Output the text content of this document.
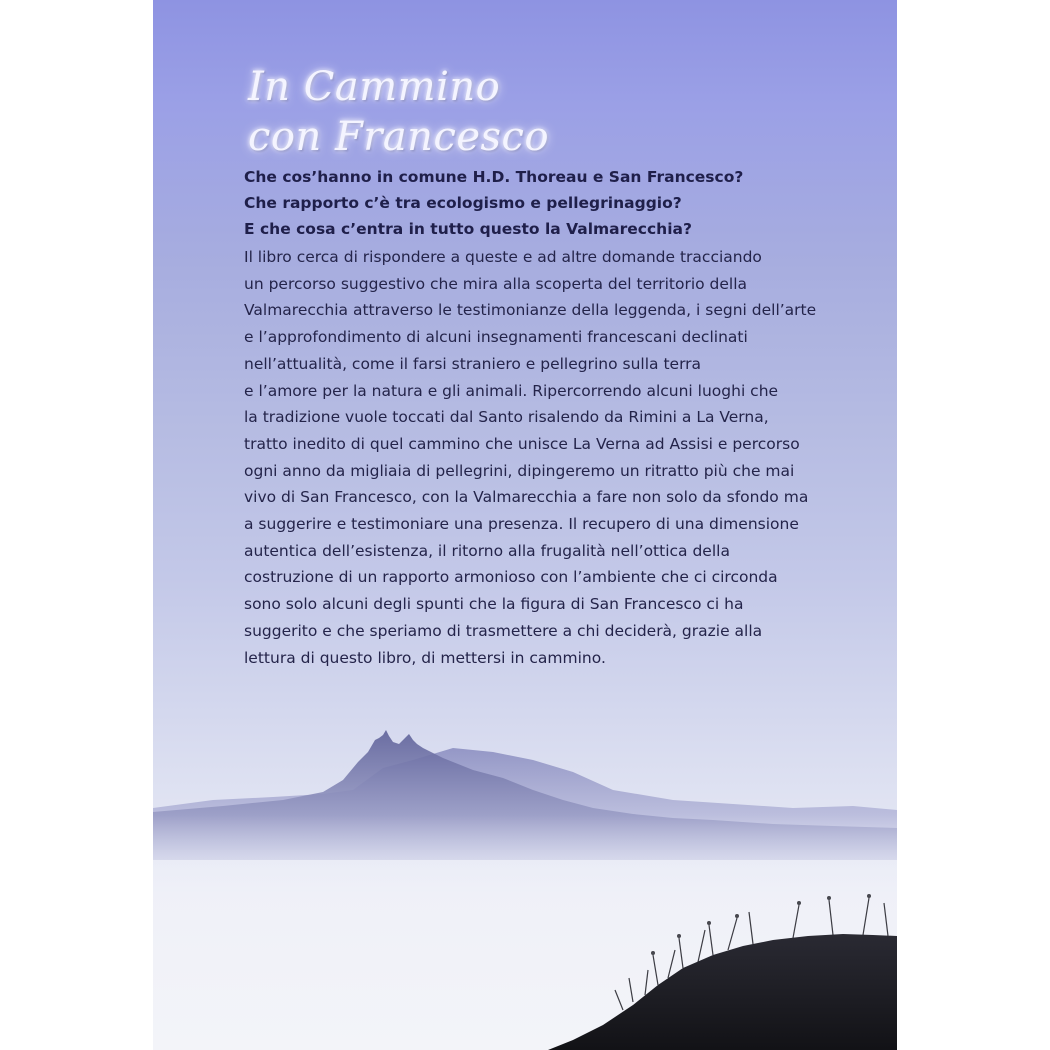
In Cammino
con Francesco
Che cos’hanno in comune H.D. Thoreau e San Francesco?
Che rapporto c’è tra ecologismo e pellegrinaggio?
E che cosa c’entra in tutto questo la Valmarecchia?
Il libro cerca di rispondere a queste e ad altre domande tracciando
un percorso suggestivo che mira alla scoperta del territorio della
Valmarecchia attraverso le testimonianze della leggenda, i segni dell’arte
e l’approfondimento di alcuni insegnamenti francescani declinati
nell’attualità, come il farsi straniero e pellegrino sulla terra
e l’amore per la natura e gli animali. Ripercorrendo alcuni luoghi che
la tradizione vuole toccati dal Santo risalendo da Rimini a La Verna,
tratto inedito di quel cammino che unisce La Verna ad Assisi e percorso
ogni anno da migliaia di pellegrini, dipingeremo un ritratto più che mai
vivo di San Francesco, con la Valmarecchia a fare non solo da sfondo ma
a suggerire e testimoniare una presenza. Il recupero di una dimensione
autentica dell’esistenza, il ritorno alla frugalità nell’ottica della
costruzione di un rapporto armonioso con l’ambiente che ci circonda
sono solo alcuni degli spunti che la figura di San Francesco ci ha
suggerito e che speriamo di trasmettere a chi deciderà, grazie alla
lettura di questo libro, di mettersi in cammino.
